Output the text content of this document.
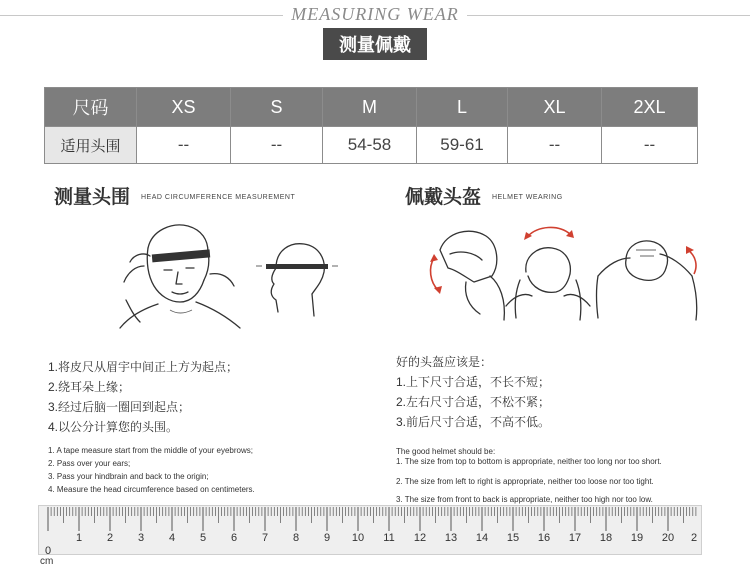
MEASURING WEAR
测量佩戴
尺码	XS	S	M	L	XL	2XL
适用头围	--	--	54-58	59-61	--	--
测量头围 HEAD CIRCUMFERENCE MEASUREMENT	佩戴头盔 HELMET WEARING
1.将皮尺从眉宇中间正上方为起点；
2.绕耳朵上缘；
3.经过后脑一圈回到起点；
4.以公分计算您的头围。
1. A tape measure start from the middle of your eyebrows;
2. Pass over your ears;
3. Pass your hindbrain and back to the origin;
4. Measure the head circumference based on centimeters.
好的头盔应该是：
1.上下尺寸合适，不长不短；
2.左右尺寸合适，不松不紧；
3.前后尺寸合适，不高不低。
The good helmet should be:
1. The size from top to bottom is appropriate, neither too long nor too short.
2. The size from left to right is appropriate, neither too loose nor too tight.
3. The size from front to back is appropriate, neither too high nor too low.
0
1 2 3 4 5 6 7 8 9 10 11 12 13 14 15 16 17 18 19 20 2
cm
